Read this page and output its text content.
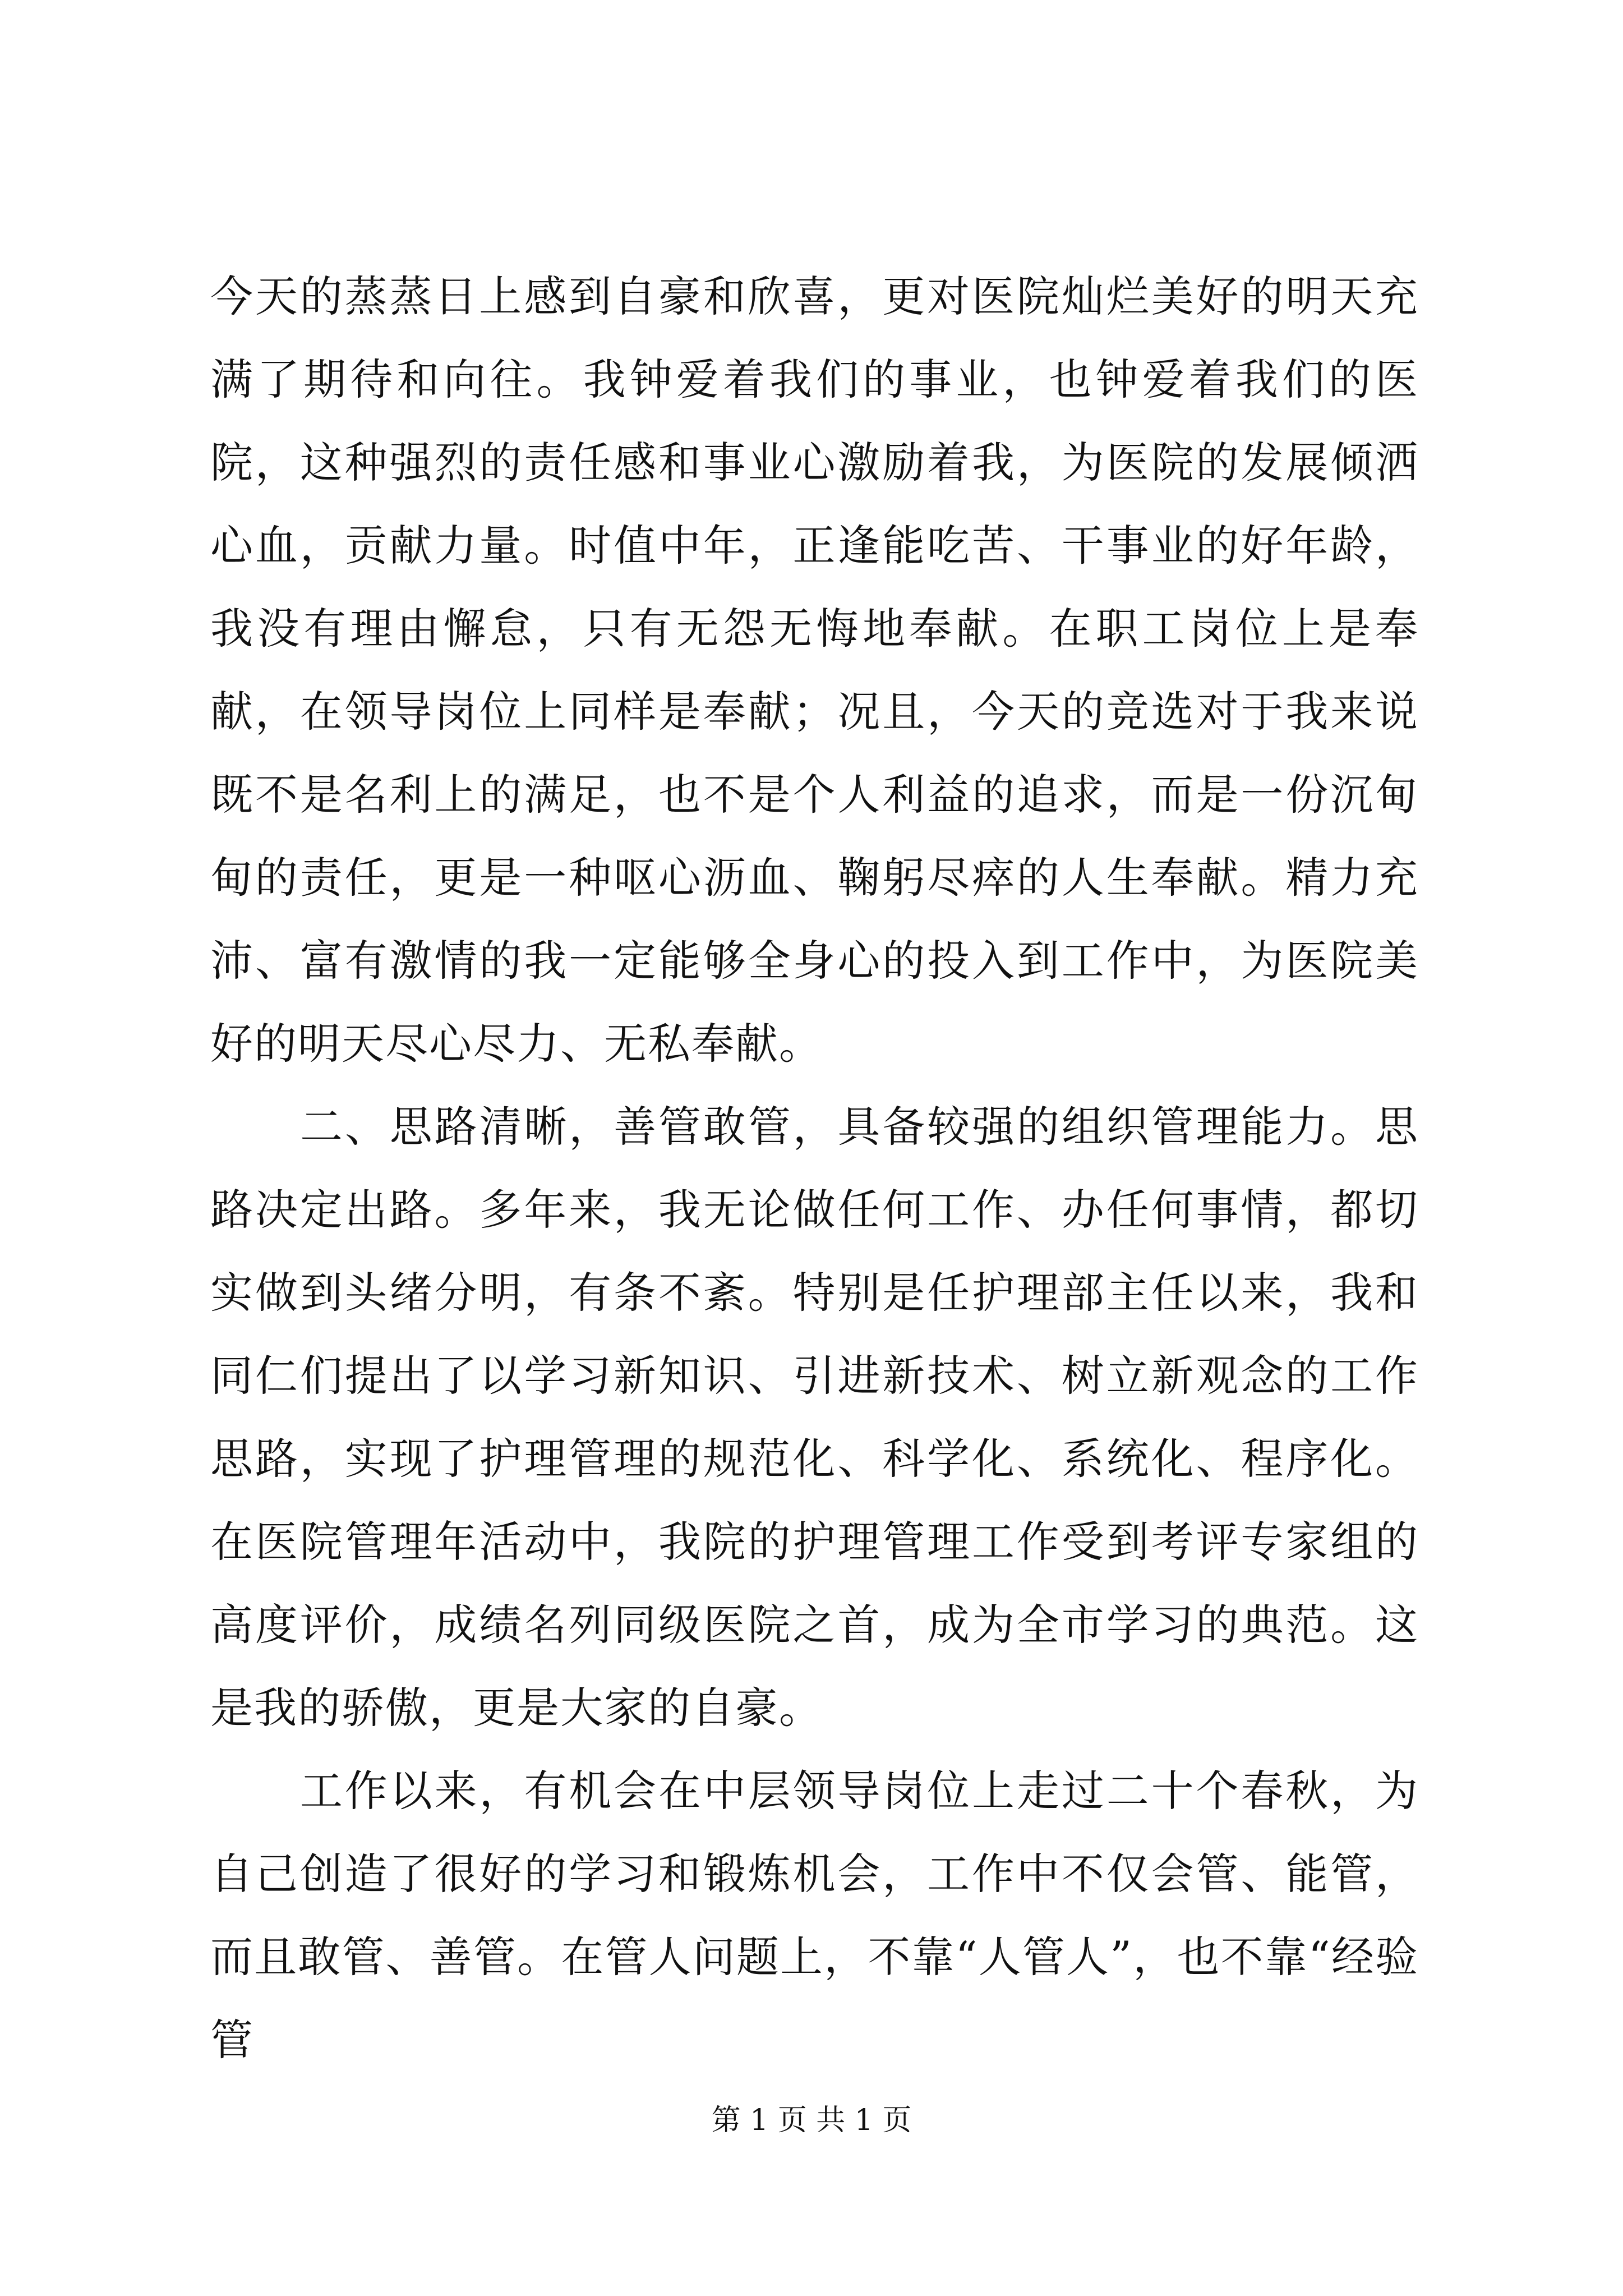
今天的蒸蒸日上感到自豪和欣喜，更对医院灿烂美好的明天充满了期待和向往。我钟爱着我们的事业，也钟爱着我们的医院，这种强烈的责任感和事业心激励着我，为医院的发展倾洒心血，贡献力量。时值中年，正逢能吃苦、干事业的好年龄，我没有理由懈怠，只有无怨无悔地奉献。在职工岗位上是奉献，在领导岗位上同样是奉献；况且，今天的竞选对于我来说既不是名利上的满足，也不是个人利益的追求，而是一份沉甸甸的责任，更是一种呕心沥血、鞠躬尽瘁的人生奉献。精力充沛、富有激情的我一定能够全身心的投入到工作中，为医院美好的明天尽心尽力、无私奉献。

二、思路清晰，善管敢管，具备较强的组织管理能力。思路决定出路。多年来，我无论做任何工作、办任何事情，都切实做到头绪分明，有条不紊。特别是任护理部主任以来，我和同仁们提出了以学习新知识、引进新技术、树立新观念的工作思路，实现了护理管理的规范化、科学化、系统化、程序化。在医院管理年活动中，我院的护理管理工作受到考评专家组的高度评价，成绩名列同级医院之首，成为全市学习的典范。这是我的骄傲，更是大家的自豪。

工作以来，有机会在中层领导岗位上走过二十个春秋，为自己创造了很好的学习和锻炼机会，工作中不仅会管、能管，而且敢管、善管。在管人问题上，不靠“人管人”，也不靠“经验管

第 1 页 共 1 页
